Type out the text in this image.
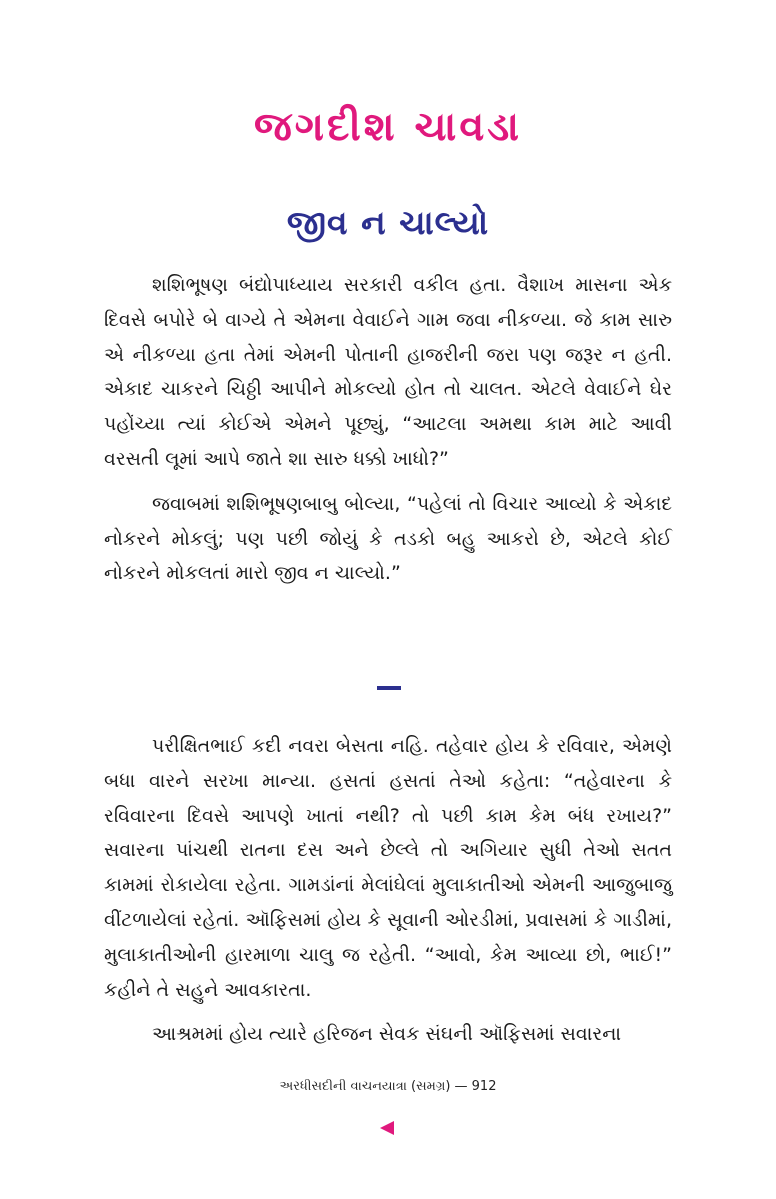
જગદીશ ચાવડા
જીવ ન ચાલ્યો

શશિભૂષણ બંદ્યોપાધ્યાય સરકારી વકીલ હતા. વૈશાખ માસના એક દિવસે બપોરે બે વાગ્યે તે એમના વેવાઈને ગામ જવા નીકળ્યા. જે કામ સારુ એ નીકળ્યા હતા તેમાં એમની પોતાની હાજરીની જરા પણ જરૂર ન હતી. એકાદ ચાકરને ચિઠ્ઠી આપીને મોકલ્યો હોત તો ચાલત. એટલે વેવાઈને ઘેર પહોંચ્યા ત્યાં કોઈએ એમને પૂછ્યું, “આટલા અમથા કામ માટે આવી વરસતી લૂમાં આપે જાતે શા સારુ ધક્કો ખાધો?”

જવાબમાં શશિભૂષણબાબુ બોલ્યા, “પહેલાં તો વિચાર આવ્યો કે એકાદ નોકરને મોકલું; પણ પછી જોયું કે તડકો બહુ આકરો છે, એટલે કોઈ નોકરને મોકલતાં મારો જીવ ન ચાલ્યો.”

પરીક્ષિતભાઈ કદી નવરા બેસતા નહિ. તહેવાર હોય કે રવિવાર, એમણે બધા વારને સરખા માન્યા. હસતાં હસતાં તેઓ કહેતા: “તહેવારના કે રવિવારના દિવસે આપણે ખાતાં નથી? તો પછી કામ કેમ બંધ રખાય?” સવારના પાંચથી રાતના દસ અને છેલ્લે તો અગિયાર સુધી તેઓ સતત કામમાં રોકાયેલા રહેતા. ગામડાંનાં મેલાંઘેલાં મુલાકાતીઓ એમની આજુબાજુ વીંટળાયેલાં રહેતાં. ઑફિસમાં હોય કે સૂવાની ઓરડીમાં, પ્રવાસમાં કે ગાડીમાં, મુલાકાતીઓની હારમાળા ચાલુ જ રહેતી. “આવો, કેમ આવ્યા છો, ભાઈ!” કહીને તે સહુને આવકારતા.

આશ્રમમાં હોય ત્યારે હરિજન સેવક સંઘની ઑફિસમાં સવારના

અરધીસદીની વાચનયાત્રા (સમગ્ર) — 912
